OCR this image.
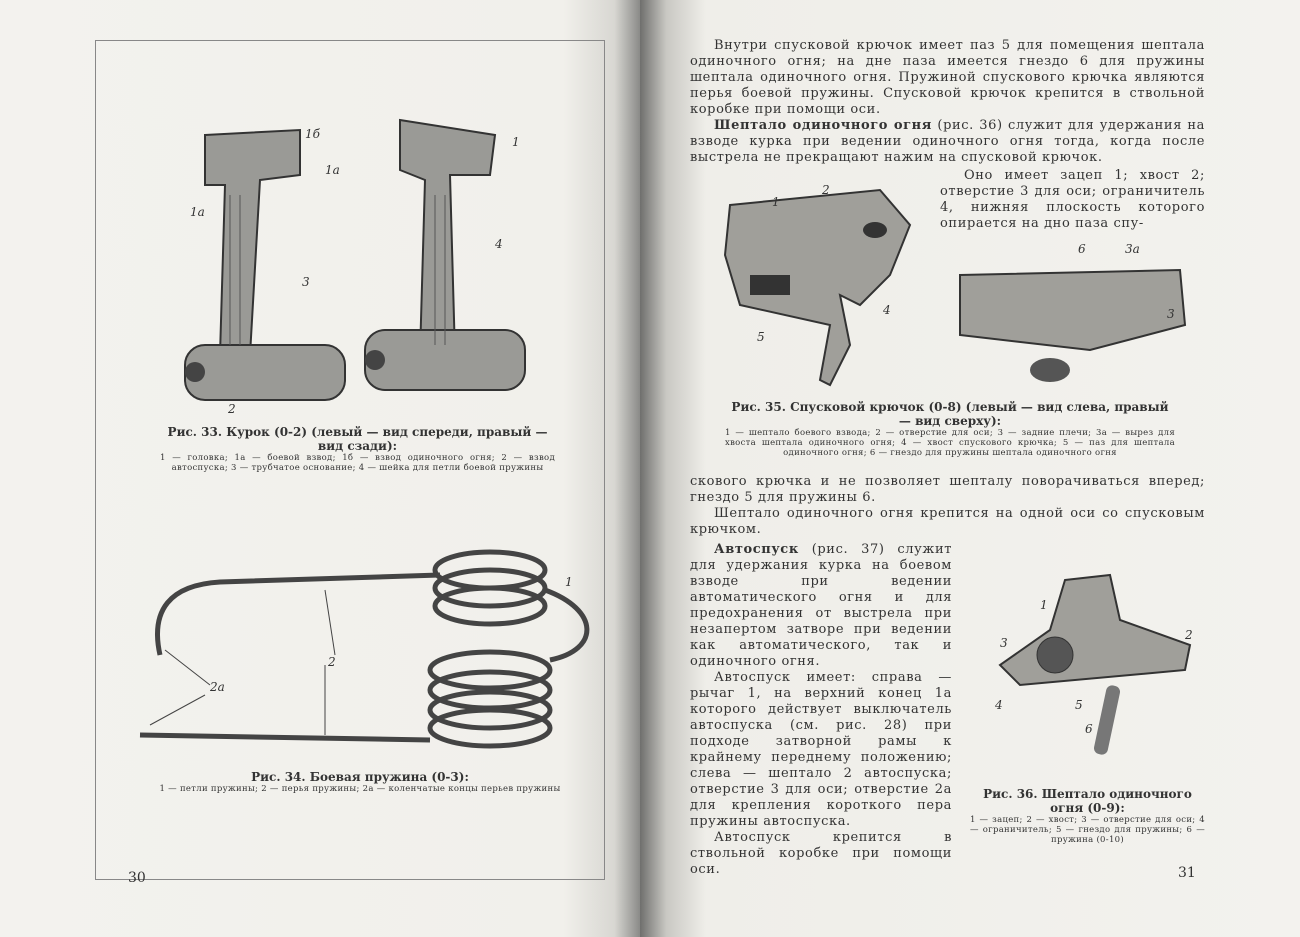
1б
1а
1а
3
2
1
4
Рис. 33. Курок (0-2) (левый — вид спереди, правый — вид сзади):
1 — головка; 1а — боевой взвод; 1б — взвод одиночного огня; 2 — взвод автоспуска; 3 — трубчатое основание; 4 — шейка для петли боевой пружины
1
2
2а
Рис. 34. Боевая пружина (0-3):
1 — петли пружины; 2 — перья пружины; 2а — коленчатые концы перьев пружины
30

Внутри спусковой крючок имеет паз 5 для помещения шептала одиночного огня; на дне паза имеется гнездо 6 для пружины шептала одиночного огня. Пружиной спускового крючка являются перья боевой пружины. Спусковой крючок крепится в ствольной коробке при помощи оси.

Шептало одиночного огня (рис. 36) служит для удержания на взводе курка при ведении одиночного огня тогда, когда после выстрела не прекращают нажим на спусковой крючок.

Оно имеет зацеп 1; хвост 2; отверстие 3 для оси; ограничитель 4, нижняя плоскость которого опирается на дно паза спу-

1
2
5
4
6	3а
3
Рис. 35. Спусковой крючок (0-8) (левый — вид слева, правый — вид сверху):
1 — шептало боевого взвода; 2 — отверстие для оси; 3 — задние плечи; 3а — вырез для хвоста шептала одиночного огня; 4 — хвост спускового крючка; 5 — паз для шептала одиночного огня; 6 — гнездо для пружины шептала одиночного огня

скового крючка и не позволяет шепталу поворачиваться вперед; гнездо 5 для пружины 6.

Шептало одиночного огня крепится на одной оси со спусковым крючком.

Автоспуск (рис. 37) служит для удержания курка на боевом взводе при ведении автоматического огня и для предохранения от выстрела при незапертом затворе при ведении как автоматического, так и одиночного огня.

Автоспуск имеет: справа — рычаг 1, на верхний конец 1а которого действует выключатель автоспуска (см. рис. 28) при подходе затворной рамы к крайнему переднему положению; слева — шептало 2 автоспуска; отверстие 3 для оси; отверстие 2а для крепления короткого пера пружины автоспуска.

Автоспуск крепится в ствольной коробке при помощи оси.

1
3
2
4	5
6
Рис. 36. Шептало одиночного огня (0-9):
1 — зацеп; 2 — хвост; 3 — отверстие для оси; 4 — ограничитель; 5 — гнездо для пружины; 6 — пружина (0-10)
31
